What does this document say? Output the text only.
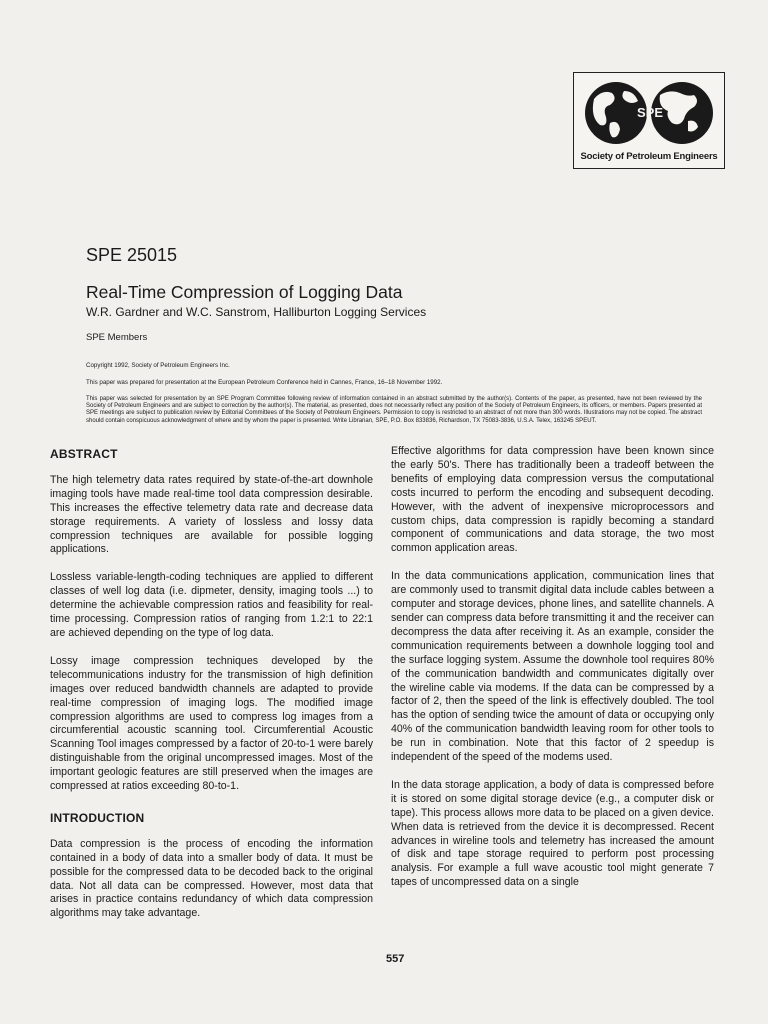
SPE
Society of Petroleum Engineers
SPE 25015
Real-Time Compression of Logging Data
W.R. Gardner and W.C. Sanstrom, Halliburton Logging Services
SPE Members
Copyright 1992, Society of Petroleum Engineers Inc.
This paper was prepared for presentation at the European Petroleum Conference held in Cannes, France, 16–18 November 1992.
This paper was selected for presentation by an SPE Program Committee following review of information contained in an abstract submitted by the author(s). Contents of the paper, as presented, have not been reviewed by the Society of Petroleum Engineers and are subject to correction by the author(s). The material, as presented, does not necessarily reflect any position of the Society of Petroleum Engineers, its officers, or members. Papers presented at SPE meetings are subject to publication review by Editorial Committees of the Society of Petroleum Engineers. Permission to copy is restricted to an abstract of not more than 300 words. Illustrations may not be copied. The abstract should contain conspicuous acknowledgment of where and by whom the paper is presented. Write Librarian, SPE, P.O. Box 833836, Richardson, TX 75083-3836, U.S.A. Telex, 163245 SPEUT.
ABSTRACT

The high telemetry data rates required by state-of-the-art downhole imaging tools have made real-time tool data compression desirable. This increases the effective telemetry data rate and decrease data storage requirements. A variety of lossless and lossy data compression techniques are available for possible logging applications.

Lossless variable-length-coding techniques are applied to different classes of well log data (i.e. dipmeter, density, imaging tools ...) to determine the achievable compression ratios and feasibility for real-time processing. Compression ratios of ranging from 1.2:1 to 22:1 are achieved depending on the type of log data.

Lossy image compression techniques developed by the telecommunications industry for the transmission of high definition images over reduced bandwidth channels are adapted to provide real-time compression of imaging logs. The modified image compression algorithms are used to compress log images from a circumferential acoustic scanning tool. Circumferential Acoustic Scanning Tool images compressed by a factor of 20-to-1 were barely distinguishable from the original uncompressed images. Most of the important geologic features are still preserved when the images are compressed at ratios exceeding 80-to-1.

INTRODUCTION

Data compression is the process of encoding the information contained in a body of data into a smaller body of data. It must be possible for the compressed data to be decoded back to the original data. Not all data can be compressed. However, most data that arises in practice contains redundancy of which data compression algorithms may take advantage.

Effective algorithms for data compression have been known since the early 50's. There has traditionally been a tradeoff between the benefits of employing data compression versus the computational costs incurred to perform the encoding and subsequent decoding. However, with the advent of inexpensive microprocessors and custom chips, data compression is rapidly becoming a standard component of communications and data storage, the two most common application areas.

In the data communications application, communication lines that are commonly used to transmit digital data include cables between a computer and storage devices, phone lines, and satellite channels. A sender can compress data before transmitting it and the receiver can decompress the data after receiving it. As an example, consider the communication requirements between a downhole logging tool and the surface logging system. Assume the downhole tool requires 80% of the communication bandwidth and communicates digitally over the wireline cable via modems. If the data can be compressed by a factor of 2, then the speed of the link is effectively doubled. The tool has the option of sending twice the amount of data or occupying only 40% of the communication bandwidth leaving room for other tools to be run in combination. Note that this factor of 2 speedup is independent of the speed of the modems used.

In the data storage application, a body of data is compressed before it is stored on some digital storage device (e.g., a computer disk or tape). This process allows more data to be placed on a given device. When data is retrieved from the device it is decompressed. Recent advances in wireline tools and telemetry has increased the amount of disk and tape storage required to perform post processing analysis. For example a full wave acoustic tool might generate 7 tapes of uncompressed data on a single

557
